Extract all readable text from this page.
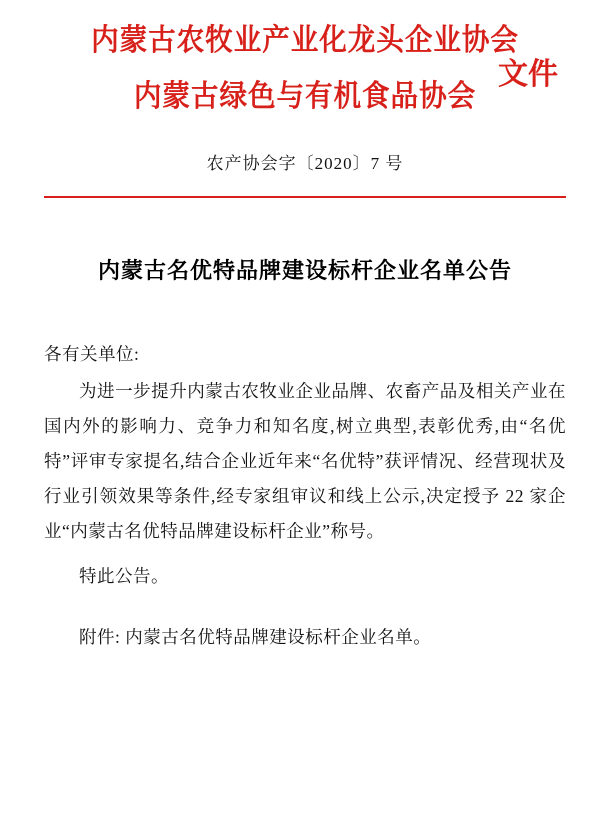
内蒙古农牧业产业化龙头企业协会
内蒙古绿色与有机食品协会
文件
农产协会字〔2020〕7 号
内蒙古名优特品牌建设标杆企业名单公告

各有关单位:

为进一步提升内蒙古农牧业企业品牌、农畜产品及相关产业在国内外的影响力、竞争力和知名度,树立典型,表彰优秀,由“名优特”评审专家提名,结合企业近年来“名优特”获评情况、经营现状及行业引领效果等条件,经专家组审议和线上公示,决定授予 22 家企业“内蒙古名优特品牌建设标杆企业”称号。

特此公告。

附件: 内蒙古名优特品牌建设标杆企业名单。
